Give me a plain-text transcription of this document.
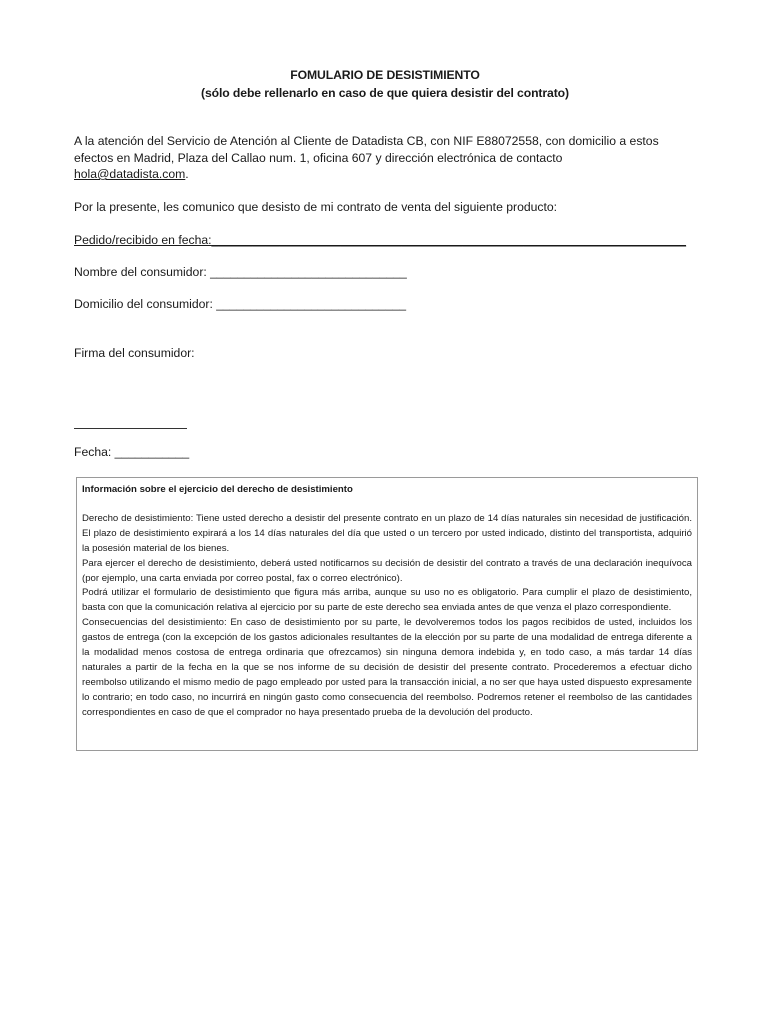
FOMULARIO DE DESISTIMIENTO
(sólo debe rellenarlo en caso de que quiera desistir del contrato)
A la atención del Servicio de Atención al Cliente de Datadista CB, con NIF E88072558, con domicilio a estos efectos en Madrid, Plaza del Callao num. 1, oficina 607 y dirección electrónica de contacto hola@datadista.com.
Por la presente, les comunico que desisto de mi contrato de venta del siguiente producto:
Pedido/recibido en fecha:______________________________________________________________________
Nombre del consumidor: _____________________________
Domicilio del consumidor: ____________________________
Firma del consumidor:
Fecha: ___________
Información sobre el ejercicio del derecho de desistimiento

Derecho de desistimiento: Tiene usted derecho a desistir del presente contrato en un plazo de 14 días naturales sin necesidad de justificación. El plazo de desistimiento expirará a los 14 días naturales del día que usted o un tercero por usted indicado, distinto del transportista, adquirió la posesión material de los bienes.

Para ejercer el derecho de desistimiento, deberá usted notificarnos su decisión de desistir del contrato a través de una declaración inequívoca (por ejemplo, una carta enviada por correo postal, fax o correo electrónico).

Podrá utilizar el formulario de desistimiento que figura más arriba, aunque su uso no es obligatorio. Para cumplir el plazo de desistimiento, basta con que la comunicación relativa al ejercicio por su parte de este derecho sea enviada antes de que venza el plazo correspondiente.

Consecuencias del desistimiento: En caso de desistimiento por su parte, le devolveremos todos los pagos recibidos de usted, incluidos los gastos de entrega (con la excepción de los gastos adicionales resultantes de la elección por su parte de una modalidad de entrega diferente a la modalidad menos costosa de entrega ordinaria que ofrezcamos) sin ninguna demora indebida y, en todo caso, a más tardar 14 días naturales a partir de la fecha en la que se nos informe de su decisión de desistir del presente contrato. Procederemos a efectuar dicho reembolso utilizando el mismo medio de pago empleado por usted para la transacción inicial, a no ser que haya usted dispuesto expresamente lo contrario; en todo caso, no incurrirá en ningún gasto como consecuencia del reembolso. Podremos retener el reembolso de las cantidades correspondientes en caso de que el comprador no haya presentado prueba de la devolución del producto.
